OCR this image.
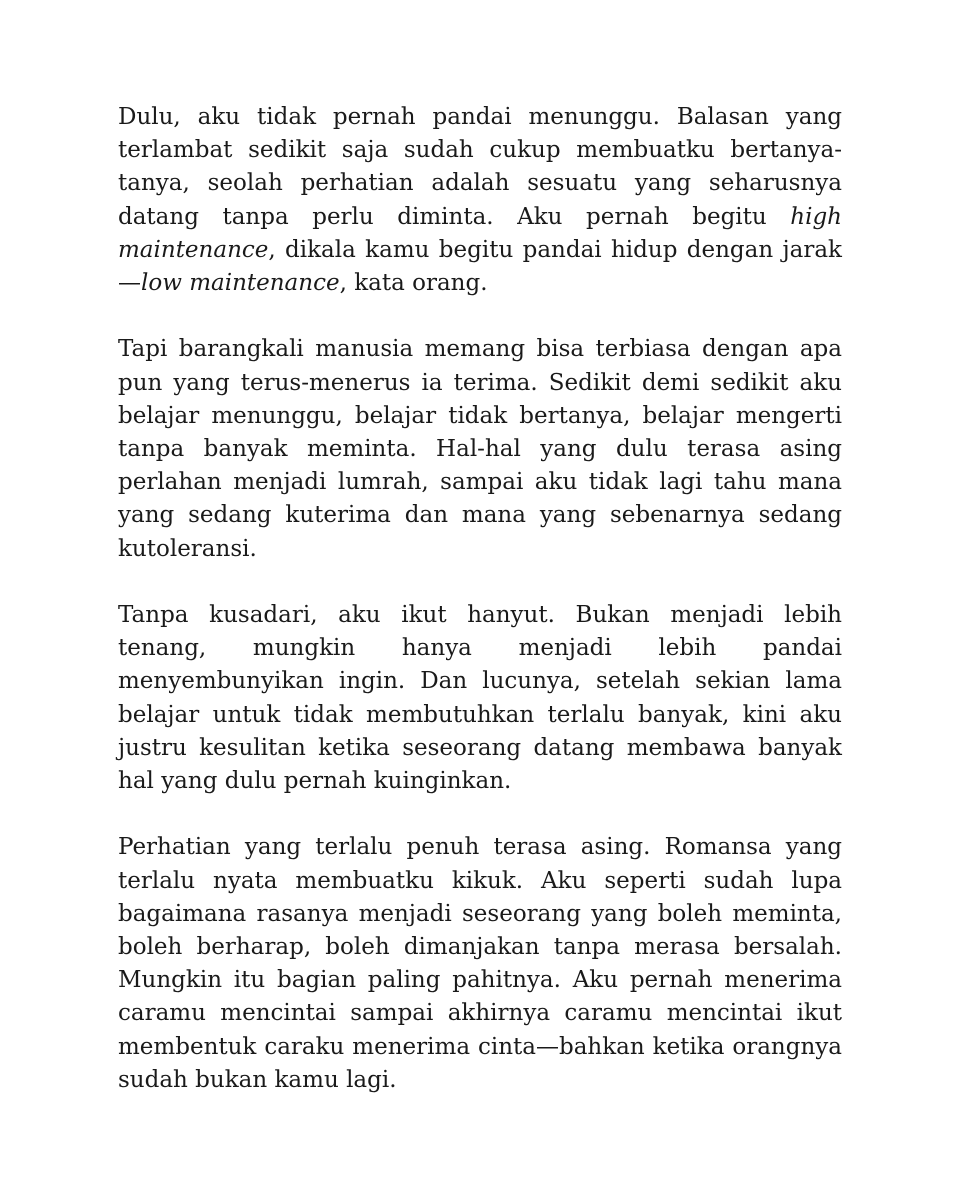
Dulu, aku tidak pernah pandai menunggu. Balasan yang terlambat sedikit saja sudah cukup membuatku bertanya-tanya, seolah perhatian adalah sesuatu yang seharusnya datang tanpa perlu diminta. Aku pernah begitu high maintenance, dikala kamu begitu pandai hidup dengan jarak—low maintenance, kata orang.

Tapi barangkali manusia memang bisa terbiasa dengan apa pun yang terus-menerus ia terima. Sedikit demi sedikit aku belajar menunggu, belajar tidak bertanya, belajar mengerti tanpa banyak meminta. Hal-hal yang dulu terasa asing perlahan menjadi lumrah, sampai aku tidak lagi tahu mana yang sedang kuterima dan mana yang sebenarnya sedang kutoleransi.

Tanpa kusadari, aku ikut hanyut. Bukan menjadi lebih tenang, mungkin hanya menjadi lebih pandai menyembunyikan ingin. Dan lucunya, setelah sekian lama belajar untuk tidak membutuhkan terlalu banyak, kini aku justru kesulitan ketika seseorang datang membawa banyak hal yang dulu pernah kuinginkan.

Perhatian yang terlalu penuh terasa asing. Romansa yang terlalu nyata membuatku kikuk. Aku seperti sudah lupa bagaimana rasanya menjadi seseorang yang boleh meminta, boleh berharap, boleh dimanjakan tanpa merasa bersalah. Mungkin itu bagian paling pahitnya. Aku pernah menerima caramu mencintai sampai akhirnya caramu mencintai ikut membentuk caraku menerima cinta—bahkan ketika orangnya sudah bukan kamu lagi.
